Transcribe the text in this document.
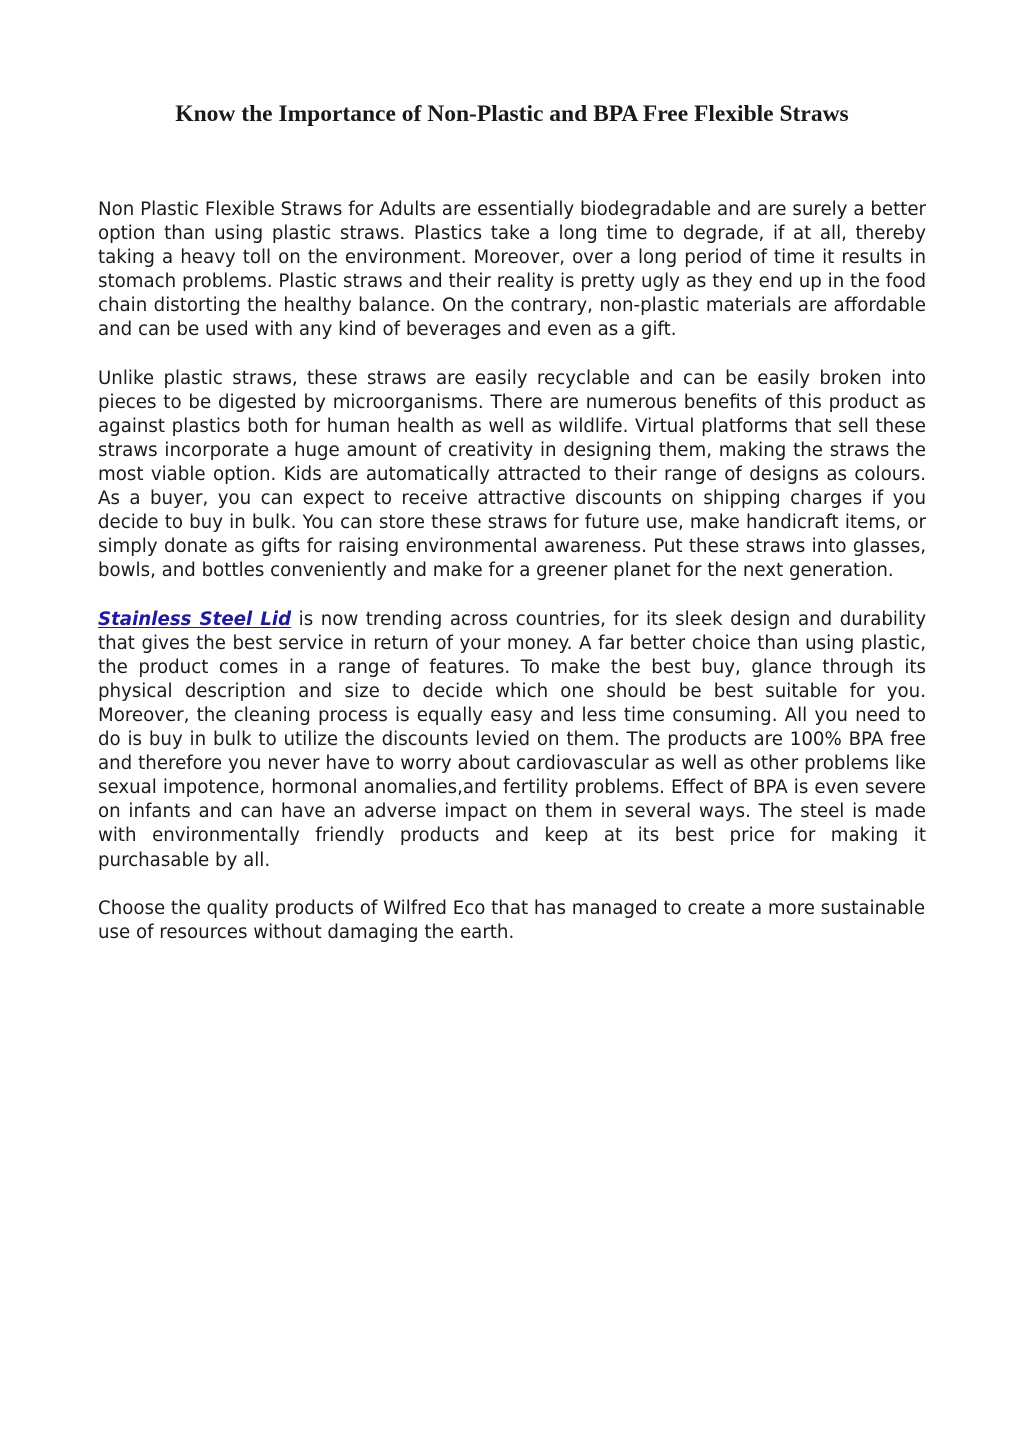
Know the Importance of Non-Plastic and BPA Free Flexible Straws

Non Plastic Flexible Straws for Adults are essentially biodegradable and are surely a better option than using plastic straws. Plastics take a long time to degrade, if at all, thereby taking a heavy toll on the environment. Moreover, over a long period of time it results in stomach problems. Plastic straws and their reality is pretty ugly as they end up in the food chain distorting the healthy balance. On the contrary, non-plastic materials are affordable and can be used with any kind of beverages and even as a gift.

Unlike plastic straws, these straws are easily recyclable and can be easily broken into pieces to be digested by microorganisms. There are numerous benefits of this product as against plastics both for human health as well as wildlife. Virtual platforms that sell these straws incorporate a huge amount of creativity in designing them, making the straws the most viable option. Kids are automatically attracted to their range of designs as colours. As a buyer, you can expect to receive attractive discounts on shipping charges if you decide to buy in bulk. You can store these straws for future use, make handicraft items, or simply donate as gifts for raising environmental awareness. Put these straws into glasses, bowls, and bottles conveniently and make for a greener planet for the next generation.

Stainless Steel Lid is now trending across countries, for its sleek design and durability that gives the best service in return of your money. A far better choice than using plastic, the product comes in a range of features. To make the best buy, glance through its physical description and size to decide which one should be best suitable for you. Moreover, the cleaning process is equally easy and less time consuming. All you need to do is buy in bulk to utilize the discounts levied on them. The products are 100% BPA free and therefore you never have to worry about cardiovascular as well as other problems like sexual impotence, hormonal anomalies,and fertility problems. Effect of BPA is even severe on infants and can have an adverse impact on them in several ways. The steel is made with environmentally friendly products and keep at its best price for making it purchasable by all.

Choose the quality products of Wilfred Eco that has managed to create a more sustainable use of resources without damaging the earth.
